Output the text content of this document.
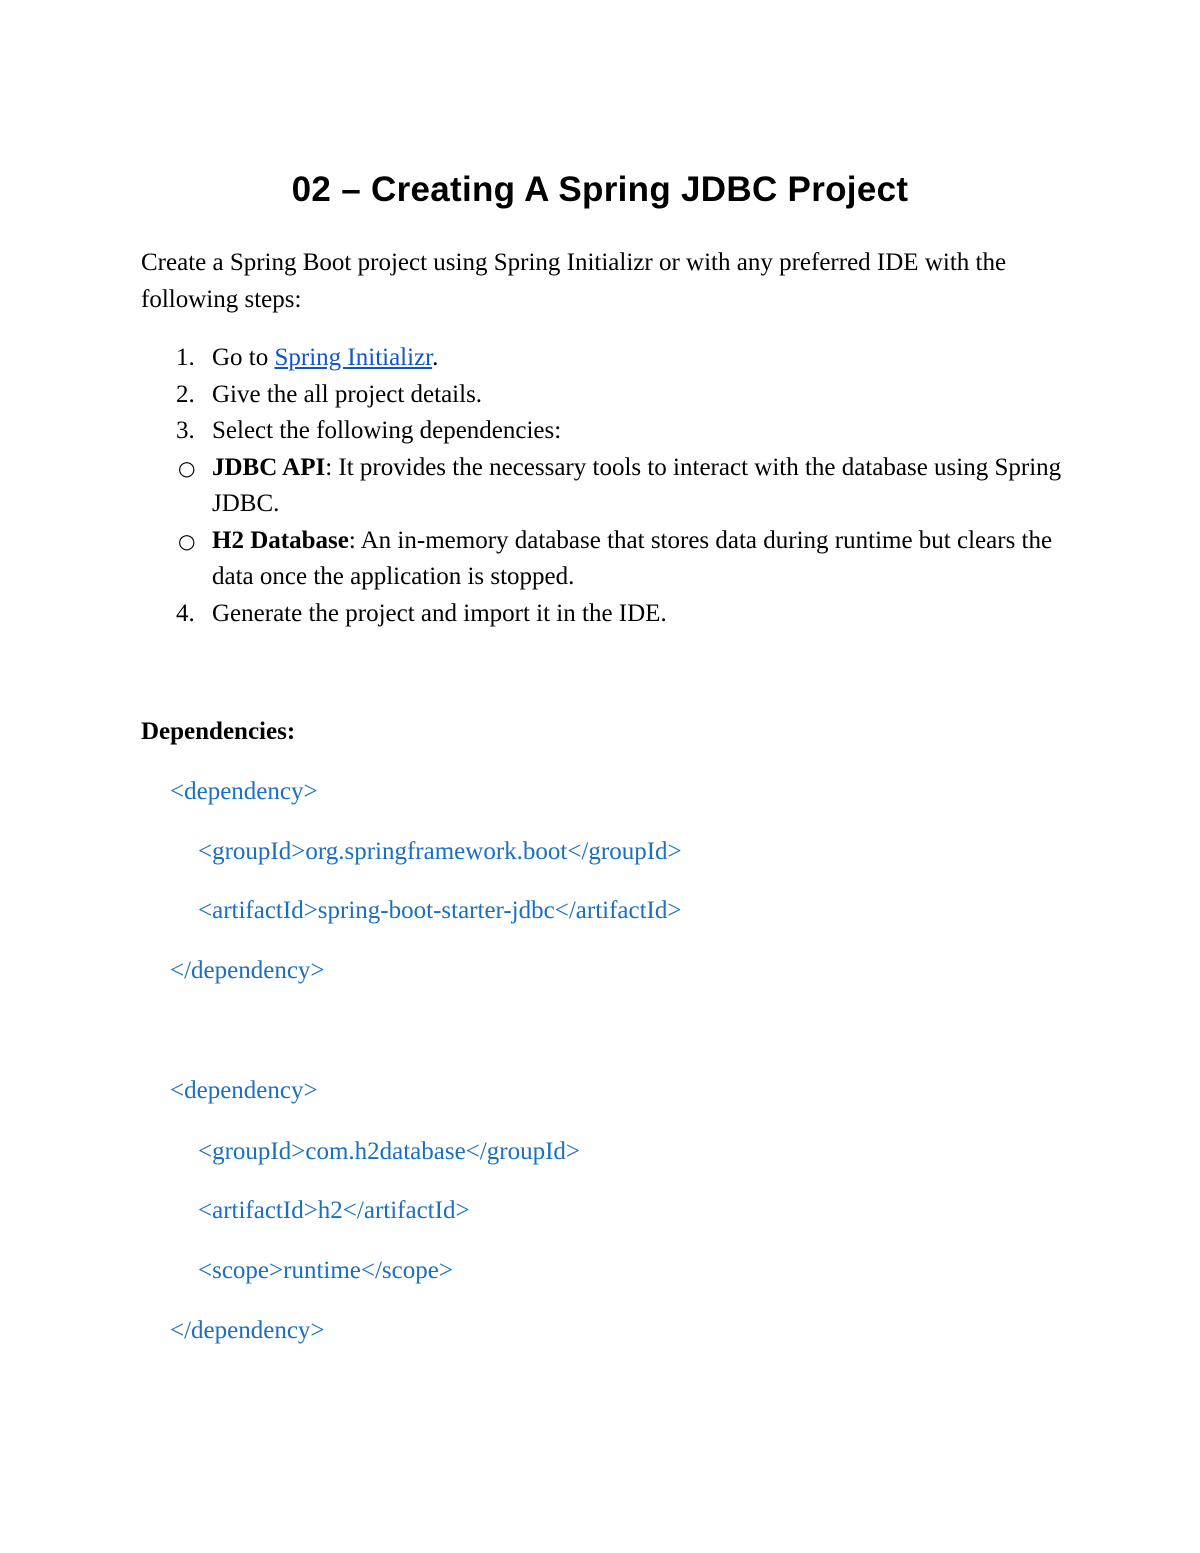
02 – Creating A Spring JDBC Project
Create a Spring Boot project using Spring Initializr or with any preferred IDE with the following steps:
1. Go to Spring Initializr.
2. Give the all project details.
3. Select the following dependencies:
○ JDBC API: It provides the necessary tools to interact with the database using Spring JDBC.
○ H2 Database: An in-memory database that stores data during runtime but clears the data once the application is stopped.
4. Generate the project and import it in the IDE.
Dependencies:
<dependency>
<groupId>org.springframework.boot</groupId>
<artifactId>spring-boot-starter-jdbc</artifactId>
</dependency>
<dependency>
<groupId>com.h2database</groupId>
<artifactId>h2</artifactId>
<scope>runtime</scope>
</dependency>
